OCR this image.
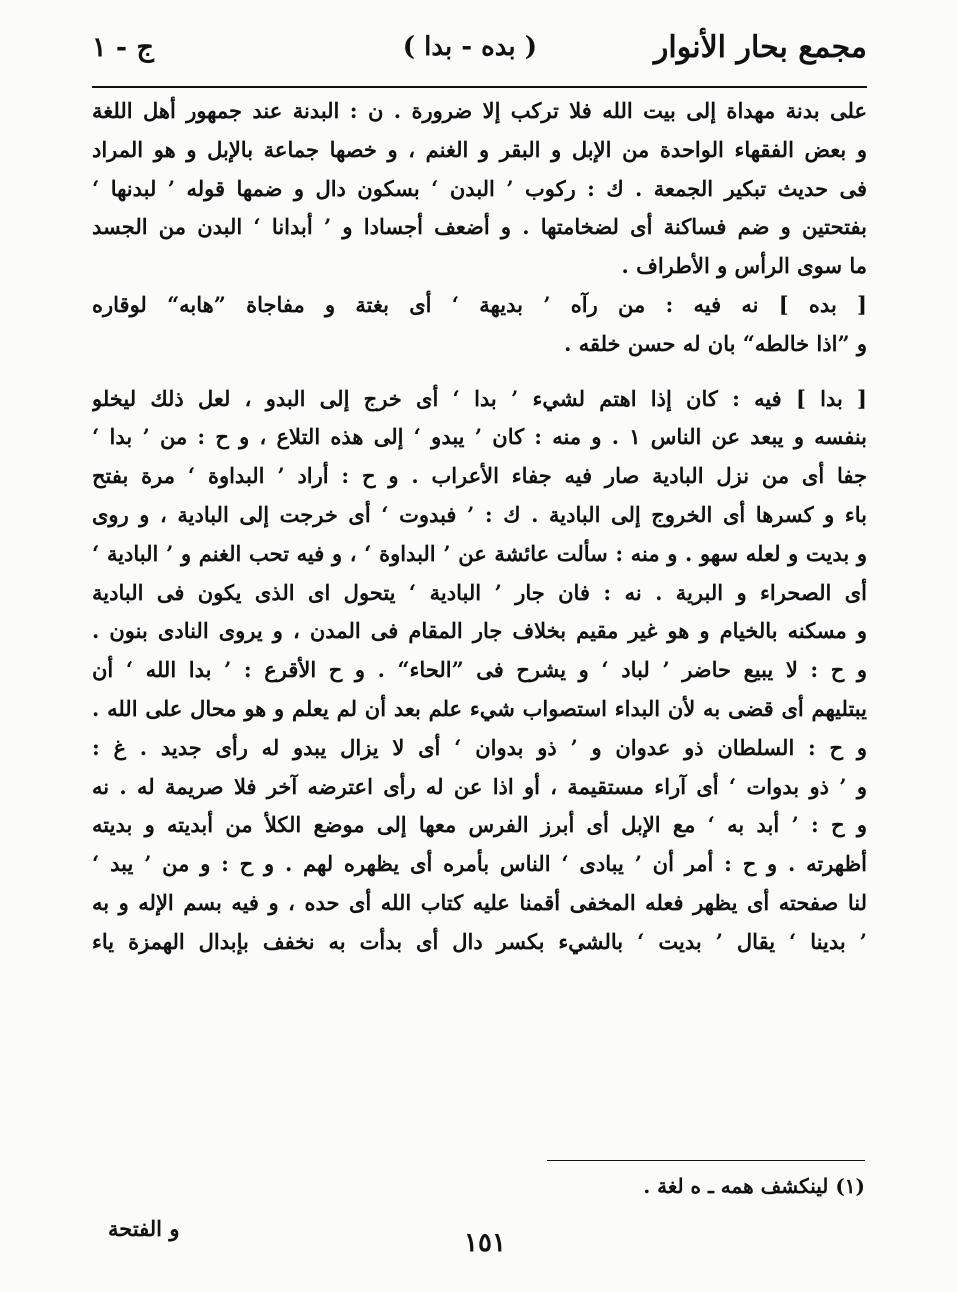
مجمع بحار الأنوار
( بده - بدا )
ج - ١
على بدنة مهداة إلى بيت الله فلا تركب إلا ضرورة . ن : البدنة عند جمهور أهل اللغة
و بعض الفقهاء الواحدة من الإبل و البقر و الغنم ، و خصها جماعة بالإبل و هو المراد
فى حديث تبكير الجمعة . ك : ركوب ’ البدن ‘ بسكون دال و ضمها قوله ’ لبدنها ‘
بفتحتين و ضم فساكنة أى لضخامتها . و أضعف أجسادا و ’ أبدانا ‘ البدن من الجسد
ما سوى الرأس و الأطراف .
[ بده ] نه فيه : من رآه ’ بديهة ‘ أى بغتة و مفاجاة ”هابه“ لوقاره
و ”اذا خالطه“ بان له حسن خلقه .
[ بدا ] فيه : كان إذا اهتم لشيء ’ بدا ‘ أى خرج إلى البدو ، لعل ذلك ليخلو
بنفسه و يبعد عن الناس ١ . و منه : كان ’ يبدو ‘ إلى هذه التلاع ، و ح : من ’ بدا ‘
جفا أى من نزل البادية صار فيه جفاء الأعراب . و ح : أراد ’ البداوة ‘ مرة بفتح
باء و كسرها أى الخروج إلى البادية . ك : ’ فبدوت ‘ أى خرجت إلى البادية ، و روى
و بديت و لعله سهو . و منه : سألت عائشة عن ’ البداوة ‘ ، و فيه تحب الغنم و ’ البادية ‘
أى الصحراء و البرية . نه : فان جار ’ البادية ‘ يتحول اى الذى يكون فى البادية
و مسكنه بالخيام و هو غير مقيم بخلاف جار المقام فى المدن ، و يروى النادى بنون .
و ح : لا يبيع حاضر ’ لباد ‘ و يشرح فى ”الحاء“ . و ح الأقرع : ’ بدا الله ‘ أن
يبتليهم أى قضى به لأن البداء استصواب شيء علم بعد أن لم يعلم و هو محال على الله .
و ح : السلطان ذو عدوان و ’ ذو بدوان ‘ أى لا يزال يبدو له رأى جديد . غ :
و ’ ذو بدوات ‘ أى آراء مستقيمة ، أو اذا عن له رأى اعترضه آخر فلا صريمة له . نه
و ح : ’ أبد به ‘ مع الإبل أى أبرز الفرس معها إلى موضع الكلأ من أبديته و بديته
أظهرته . و ح : أمر أن ’ يبادى ‘ الناس بأمره أى يظهره لهم . و ح : و من ’ يبد ‘
لنا صفحته أى يظهر فعله المخفى أقمنا عليه كتاب الله أى حده ، و فيه بسم الإله و به
’ بدينا ‘ يقال ’ بديت ‘ بالشيء بكسر دال أى بدأت به نخفف بإبدال الهمزة ياء
(١) لينكشف همه ـ ه لغة .
و الفتحة	١٥١
